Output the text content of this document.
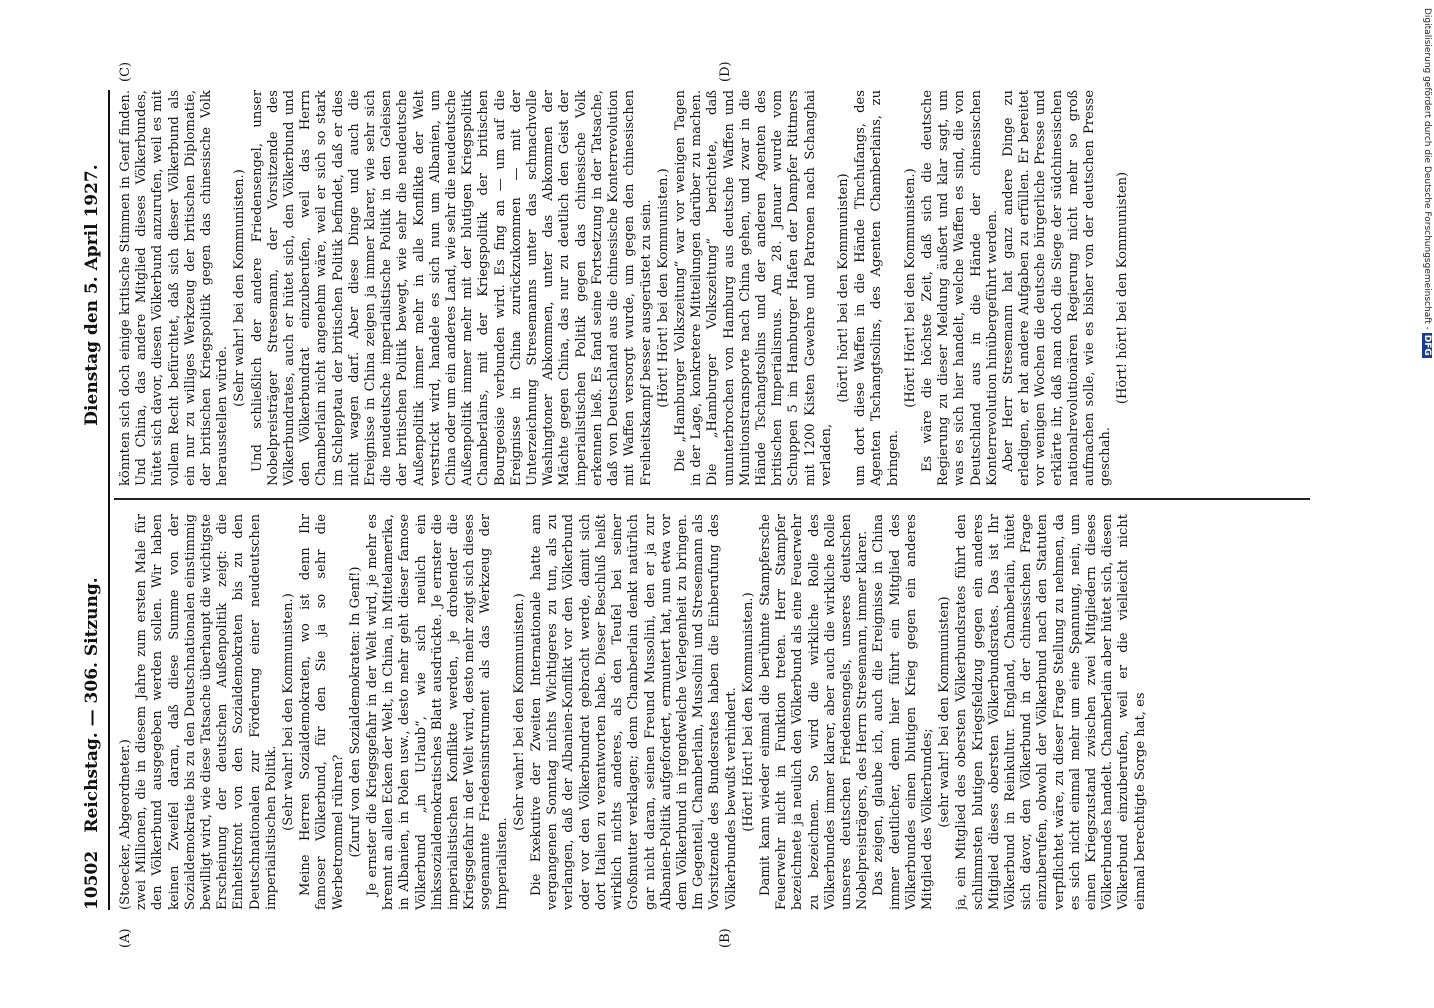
10502
Reichstag. — 306. Sitzung.
Dienstag den 5. April 1927.

(Stoecker, Abgeordneter.) zwei Millionen, die in diesem Jahre zum ersten Male für den Völkerbund ausgegeben werden sollen. Wir haben keinen Zweifel daran, daß diese Summe von der Sozialdemokratie bis zu den Deutschnationalen einstimmig bewilligt wird, wie diese Tatsache überhaupt die wichtigste Erscheinung der deutschen Außenpolitik zeigt: die Einheitsfront von den Sozialdemokraten bis zu den Deutschnationalen zur Förderung einer neudeutschen imperialistischen Politik. (Sehr wahr! bei den Kommunisten.) Meine Herren Sozialdemokraten, wo ist denn Ihr famoser Völkerbund, für den Sie ja so sehr die Werbetrommel rühren? (Zuruf von den Sozialdemokraten: In Genf!) Je ernster die Kriegsgefahr in der Welt wird, je mehr es brennt an allen Ecken der Welt, in China, in Mittelamerika, in Albanien, in Polen usw., desto mehr geht dieser famose Völkerbund „in Urlaub“, wie sich neulich ein linkssozialdemokratisches Blatt ausdrückte. Je ernster die imperialistischen Konflikte werden, je drohender die Kriegsgefahr in der Welt wird, desto mehr zeigt sich dieses sogenannte Friedensinstrument als das Werkzeug der Imperialisten.

(Sehr wahr! bei den Kommunisten.) Die Exekutive der Zweiten Internationale hatte am vergangenen Sonntag nichts Wichtigeres zu tun, als zu verlangen, daß der Albanien-Konflikt vor den Völkerbund oder vor den Völkerbundrat gebracht werde, damit sich dort Italien zu verantworten habe. Dieser Beschluß heißt wirklich nichts anderes, als den Teufel bei seiner Großmutter verklagen; denn Chamberlain denkt natürlich gar nicht daran, seinen Freund Mussolini, den er ja zur Albanien-Politik aufgefordert, ermuntert hat, nun etwa vor dem Völkerbund in irgendwelche Verlegenheit zu bringen. Im Gegenteil, Chamberlain, Mussolini und Stresemann als Vorsitzende des Bundesrates haben die Einberufung des Völkerbundes bewußt verhindert. (Hört! Hört! bei den Kommunisten.) Damit kann wieder einmal die berühmte Stampfersche Feuerwehr nicht in Funktion treten. Herr Stampfer bezeichnete ja neulich den Völkerbund als eine Feuerwehr zu bezeichnen. So wird die wirkliche Rolle des Völkerbundes immer klarer, aber auch die wirkliche Rolle unseres deutschen Friedensengels, unseres deutschen Nobelpreisträgers, des Herrn Stresemann, immer klarer. Das zeigen, glaube ich, auch die Ereignisse in China immer deutlicher, denn hier führt ein Mitglied des Völkerbundes einen blutigen Krieg gegen ein anderes Mitglied des Völkerbundes; (sehr wahr! bei den Kommunisten) ja, ein Mitglied des obersten Völkerbundsrates führt den schlimmsten blutigen Kriegsfeldzug gegen ein anderes Mitglied dieses obersten Völkerbundsrates. Das ist Ihr Völkerbund in Reinkultur. England, Chamberlain, hütet sich davor, den Völkerbund in der chinesischen Frage einzuberufen, obwohl der Völkerbund nach den Statuten verpflichtet wäre, zu dieser Frage Stellung zu nehmen, da es sich nicht einmal mehr um eine Spannung, nein, um einen Kriegszustand zwischen zwei Mitgliedern dieses Völkerbundes handelt. Chamberlain aber hütet sich, diesen Völkerbund einzuberufen, weil er die vielleicht nicht einmal berechtigte Sorge hat, es

könnten sich doch einige kritische Stimmen in Genf finden. Und China, das andere Mitglied dieses Völkerbundes, hütet sich davor, diesen Völkerbund anzurufen, weil es mit vollem Recht befürchtet, daß sich dieser Völkerbund als ein nur zu williges Werkzeug der britischen Diplomatie, der britischen Kriegspolitik gegen das chinesische Volk herausstellen würde.

(Sehr wahr! bei den Kommunisten.) Und schließlich der andere Friedensengel, unser Nobelpreisträger Stresemann, der Vorsitzende des Völkerbundrates, auch er hütet sich, den Völkerbund und den Völkerbundrat einzuberufen, weil das Herrn Chamberlain nicht angenehm wäre, weil er sich so stark im Schlepptau der britischen Politik befindet, daß er dies nicht wagen darf. Aber diese Dinge und auch die Ereignisse in China zeigen ja immer klarer, wie sehr sich die neudeutsche imperialistische Politik in den Geleisen der britischen Politik bewegt, wie sehr die neudeutsche Außenpolitik immer mehr in alle Konflikte der Welt verstrickt wird, handele es sich nun um Albanien, um China oder um ein anderes Land, wie sehr die neudeutsche Außenpolitik immer mehr mit der blutigen Kriegspolitik Chamberlains, mit der Kriegspolitik der britischen Bourgeoisie verbunden wird. Es fing an — um auf die Ereignisse in China zurückzukommen — mit der Unterzeichnung Stresemanns unter das schmachvolle Washingtoner Abkommen, unter das Abkommen der Mächte gegen China, das nur zu deutlich den Geist der imperialistischen Politik gegen das chinesische Volk erkennen ließ. Es fand seine Fortsetzung in der Tatsache, daß von Deutschland aus die chinesische Konterrevolution mit Waffen versorgt wurde, um gegen den chinesischen Freiheitskampf besser ausgerüstet zu sein. (Hört! Hört! bei den Kommunisten.) Die „Hamburger Volkszeitung“ war vor wenigen Tagen in der Lage, konkretere Mitteilungen darüber zu machen. Die „Hamburger Volkszeitung“ berichtete, daß ununterbrochen von Hamburg aus deutsche Waffen und Munitionstransporte nach China gehen, und zwar in die Hände Tschangtsolins und der anderen Agenten des britischen Imperialismus. Am 28. Januar wurde vom Schuppen 5 im Hamburger Hafen der Dampfer Rittmers mit 1200 Kisten Gewehre und Patronen nach Schanghai verladen,

(hört! hört! bei den Kommunisten) um dort diese Waffen in die Hände Tinchufangs, des Agenten Tschangtsolins, des Agenten Chamberlains, zu bringen.

(Hört! Hört! bei den Kommunisten.) Es wäre die höchste Zeit, daß sich die deutsche Regierung zu dieser Meldung äußert und klar sagt, um was es sich hier handelt, welche Waffen es sind, die von Deutschland aus in die Hände der chinesischen Konterrevolution hinübergeführt werden. Aber Herr Stresemann hat ganz andere Dinge zu erledigen, er hat andere Aufgaben zu erfüllen. Er bereitet vor wenigen Wochen die deutsche bürgerliche Presse und erklärte ihr, daß man doch die Siege der südchinesischen nationalrevolutionären Regierung nicht mehr so groß aufmachen solle, wie es bisher von der deutschen Presse geschah.

(Hört! hört! bei den Kommunisten)

(A)	(B)
(C)	(D)	Digitalisierung gefördert durch die Deutsche Forschungsgemeinschaft - DFG
